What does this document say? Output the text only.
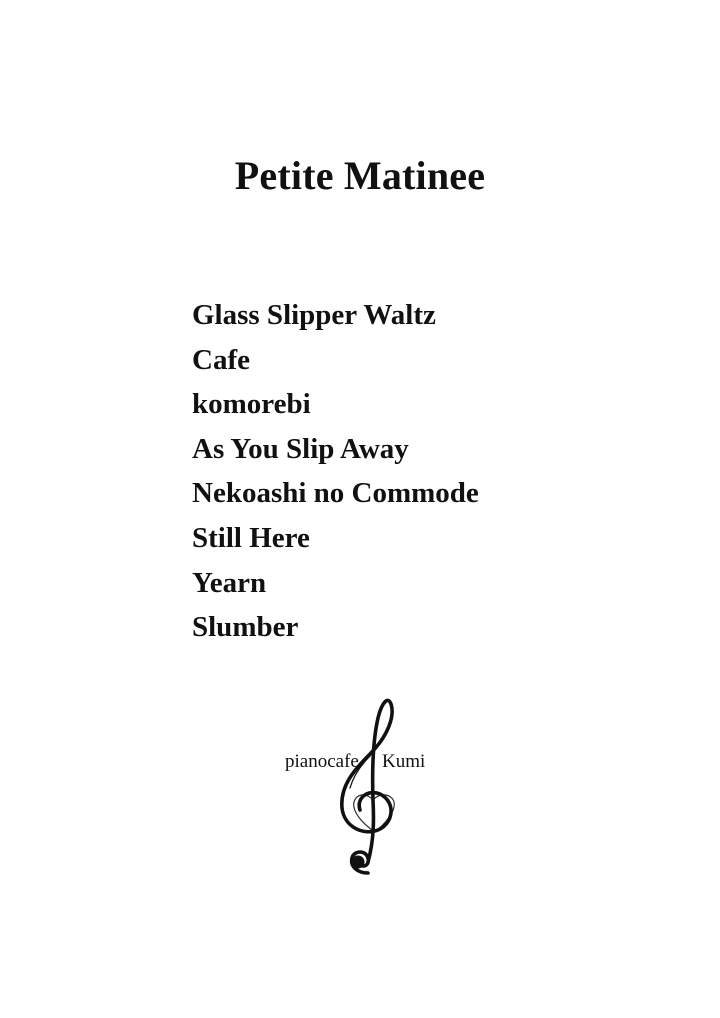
Petite Matinee
Glass Slipper Waltz
Cafe
komorebi
As You Slip Away
Nekoashi no Commode
Still Here
Yearn
Slumber
pianocafe Kumi
